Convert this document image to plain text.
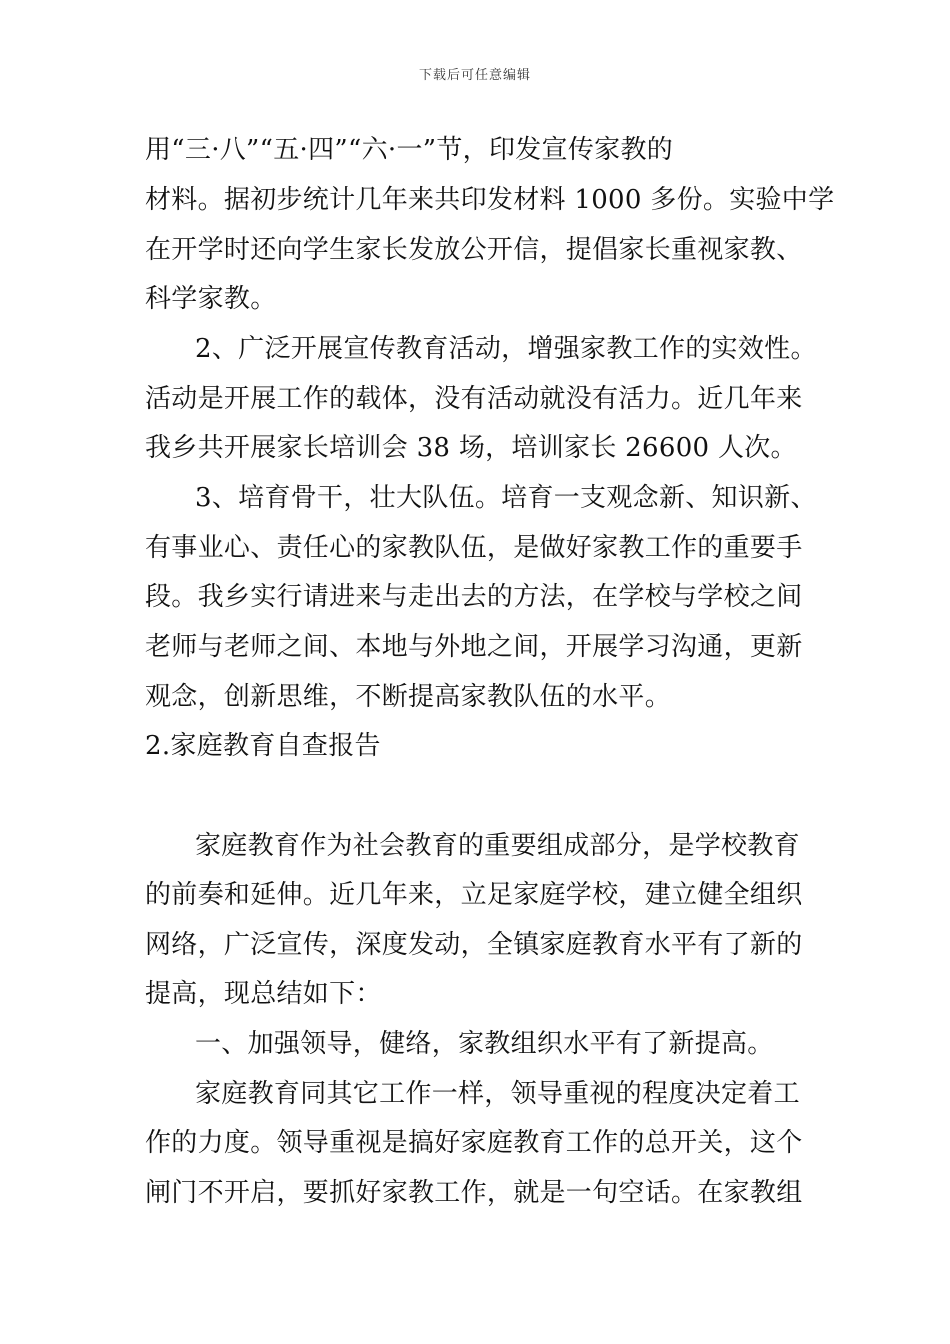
下载后可任意编辑
用“三·八”“五·四”“六·一”节，印发宣传家教的
材料。据初步统计几年来共印发材料 1000 多份。实验中学
在开学时还向学生家长发放公开信，提倡家长重视家教、
科学家教。
2、广泛开展宣传教育活动，增强家教工作的实效性。
活动是开展工作的载体，没有活动就没有活力。近几年来
我乡共开展家长培训会 38 场，培训家长 26600 人次。
3、培育骨干，壮大队伍。培育一支观念新、知识新、
有事业心、责任心的家教队伍，是做好家教工作的重要手
段。我乡实行请进来与走出去的方法，在学校与学校之间
老师与老师之间、本地与外地之间，开展学习沟通，更新
观念，创新思维，不断提高家教队伍的水平。
2.家庭教育自查报告
家庭教育作为社会教育的重要组成部分，是学校教育
的前奏和延伸。近几年来，立足家庭学校，建立健全组织
网络，广泛宣传，深度发动，全镇家庭教育水平有了新的
提高，现总结如下：
一、加强领导，健络，家教组织水平有了新提高。
家庭教育同其它工作一样，领导重视的程度决定着工
作的力度。领导重视是搞好家庭教育工作的总开关，这个
闸门不开启，要抓好家教工作，就是一句空话。在家教组
